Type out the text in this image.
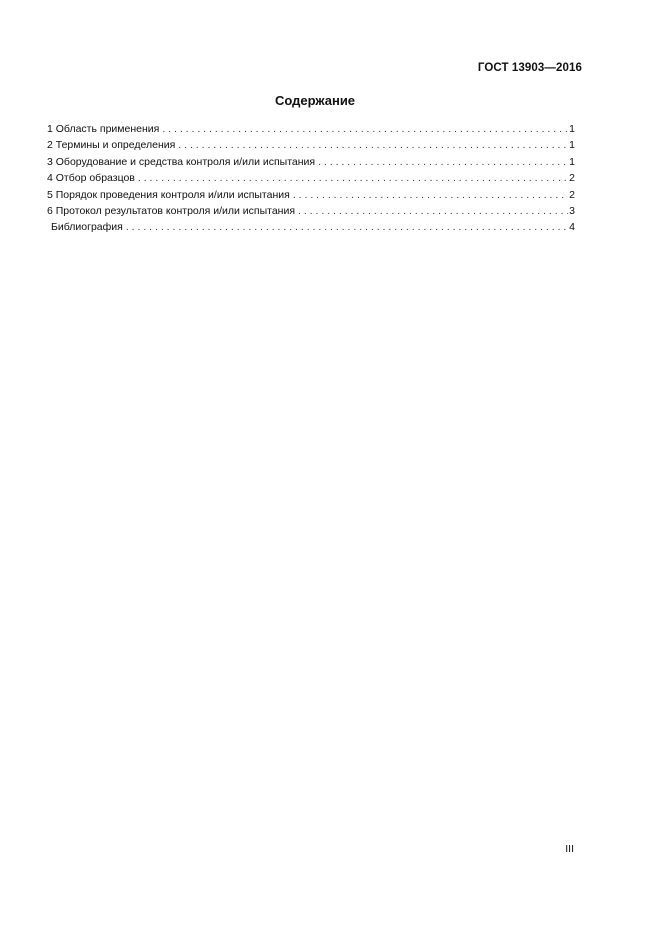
ГОСТ 13903—2016
Содержание
1 Область применения . . .	1
2 Термины и определения . . .	1
3 Оборудование и средства контроля и/или испытания . . .	1
4 Отбор образцов . . .	2
5 Порядок проведения контроля и/или испытания . . .	2
6 Протокол результатов контроля и/или испытания . . .	3
Библиография . . .	4
III
